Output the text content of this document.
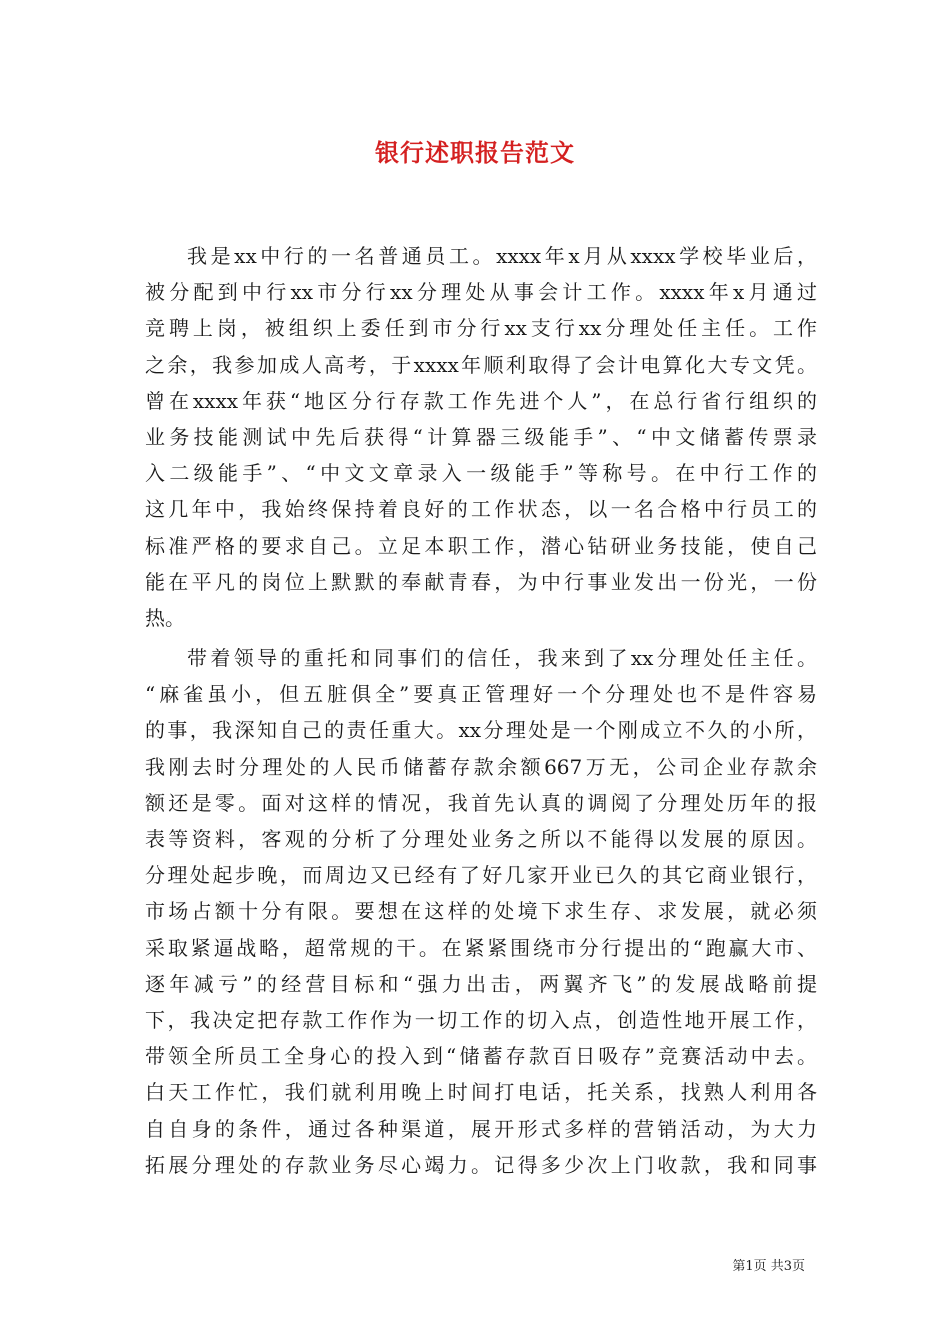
银行述职报告范文
我是xx中行的一名普通员工。xxxx年x月从xxxx学校毕业后，
被分配到中行xx市分行xx分理处从事会计工作。xxxx年x月通过
竞聘上岗，被组织上委任到市分行xx支行xx分理处任主任。工作
之余，我参加成人高考，于xxxx年顺利取得了会计电算化大专文凭。
曾在xxxx年获“地区分行存款工作先进个人”，在总行省行组织的
业务技能测试中先后获得“计算器三级能手”、“中文储蓄传票录
入二级能手”、“中文文章录入一级能手”等称号。在中行工作的
这几年中，我始终保持着良好的工作状态，以一名合格中行员工的
标准严格的要求自己。立足本职工作，潜心钻研业务技能，使自己
能在平凡的岗位上默默的奉献青春，为中行事业发出一份光，一份
热。
带着领导的重托和同事们的信任，我来到了xx分理处任主任。
“麻雀虽小，但五脏俱全”要真正管理好一个分理处也不是件容易
的事，我深知自己的责任重大。xx分理处是一个刚成立不久的小所，
我刚去时分理处的人民币储蓄存款余额667万无，公司企业存款余
额还是零。面对这样的情况，我首先认真的调阅了分理处历年的报
表等资料，客观的分析了分理处业务之所以不能得以发展的原因。
分理处起步晚，而周边又已经有了好几家开业已久的其它商业银行，
市场占额十分有限。要想在这样的处境下求生存、求发展，就必须
采取紧逼战略，超常规的干。在紧紧围绕市分行提出的“跑赢大市、
逐年减亏”的经营目标和“强力出击，两翼齐飞”的发展战略前提
下，我决定把存款工作作为一切工作的切入点，创造性地开展工作，
带领全所员工全身心的投入到“储蓄存款百日吸存”竞赛活动中去。
白天工作忙，我们就利用晚上时间打电话，托关系，找熟人利用各
自自身的条件，通过各种渠道，展开形式多样的营销活动，为大力
拓展分理处的存款业务尽心竭力。记得多少次上门收款，我和同事
第1页 共3页
